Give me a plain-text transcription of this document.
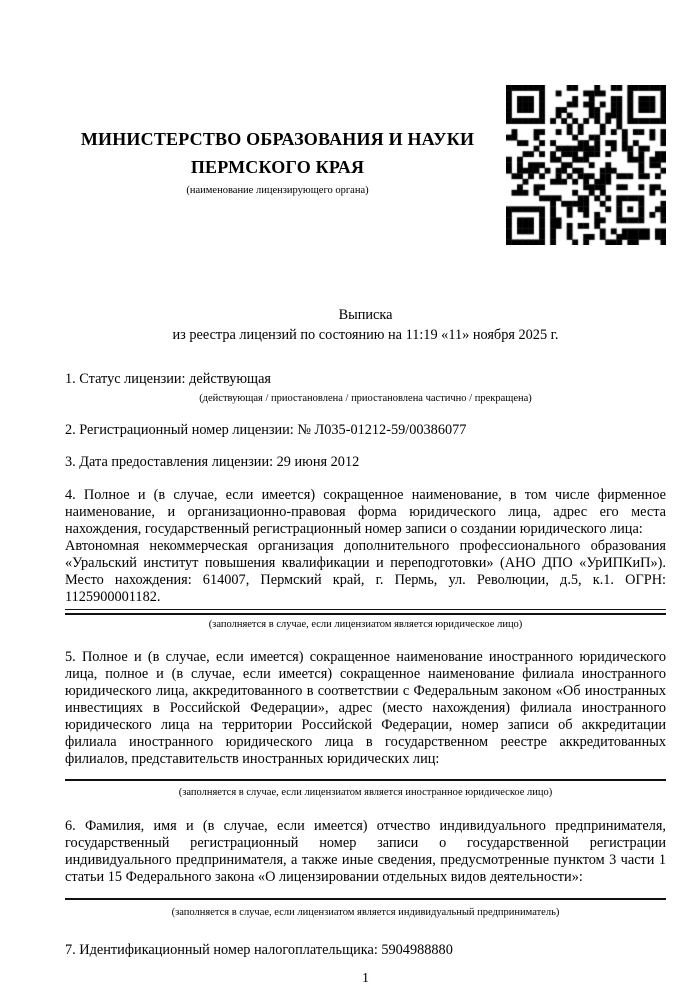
МИНИСТЕРСТВО ОБРАЗОВАНИЯ И НАУКИ
ПЕРМСКОГО КРАЯ
(наименование лицензирующего органа)
Выписка
из реестра лицензий по состоянию на 11:19 «11» ноября 2025 г.

1. Статус лицензии: действующая

(действующая / приостановлена / приостановлена частично / прекращена)

2. Регистрационный номер лицензии: № Л035-01212-59/00386077

3. Дата предоставления лицензии: 29 июня 2012

4. Полное и (в случае, если имеется) сокращенное наименование, в том числе фирменное наименование, и организационно-правовая форма юридического лица, адрес его места нахождения, государственный регистрационный номер записи о создании юридического лица:
Автономная некоммерческая организация дополнительного профессионального образования «Уральский институт повышения квалификации и переподготовки» (АНО ДПО «УрИПКиП»). Место нахождения: 614007, Пермский край, г. Пермь, ул. Революции, д.5, к.1. ОГРН: 1125900001182.

(заполняется в случае, если лицензиатом является юридическое лицо)

5. Полное и (в случае, если имеется) сокращенное наименование иностранного юридического лица, полное и (в случае, если имеется) сокращенное наименование филиала иностранного юридического лица, аккредитованного в соответствии с Федеральным законом «Об иностранных инвестициях в Российской Федерации», адрес (место нахождения) филиала иностранного юридического лица на территории Российской Федерации, номер записи об аккредитации филиала иностранного юридического лица в государственном реестре аккредитованных филиалов, представительств иностранных юридических лиц:

(заполняется в случае, если лицензиатом является иностранное юридическое лицо)

6. Фамилия, имя и (в случае, если имеется) отчество индивидуального предпринимателя, государственный регистрационный номер записи о государственной регистрации индивидуального предпринимателя, а также иные сведения, предусмотренные пунктом 3 части 1 статьи 15 Федерального закона «О лицензировании отдельных видов деятельности»:

(заполняется в случае, если лицензиатом является индивидуальный предприниматель)

7. Идентификационный номер налогоплательщика: 5904988880

1
